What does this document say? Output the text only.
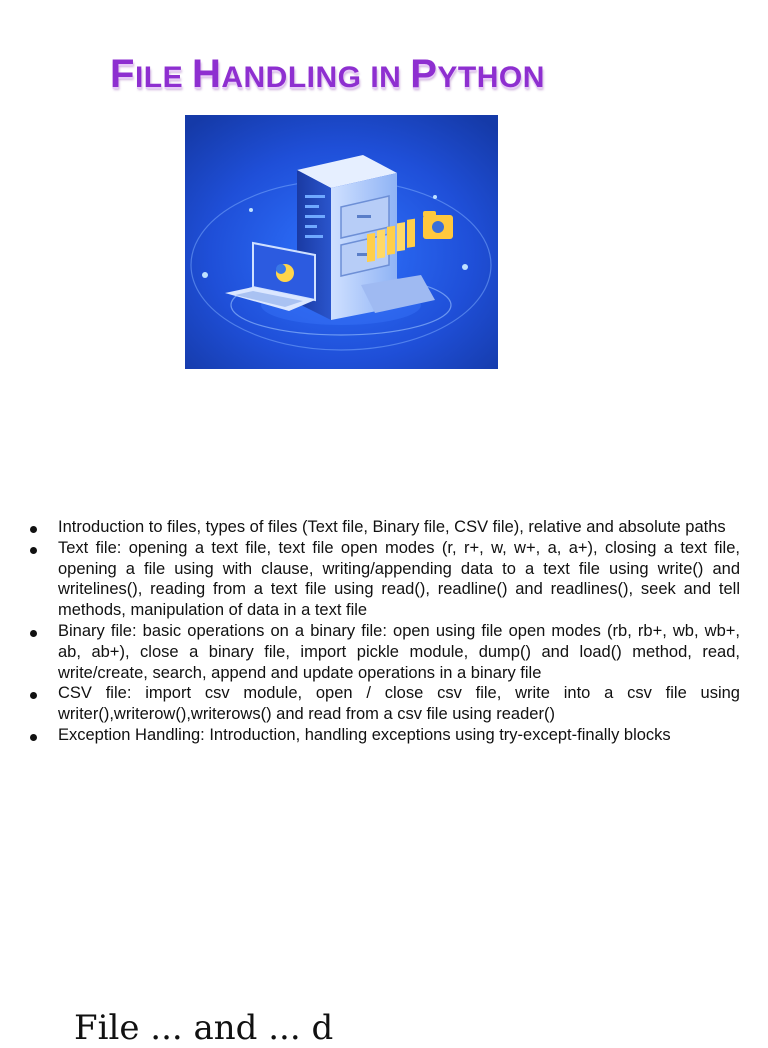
FILE HANDLING IN PYTHON
Introduction to files, types of files (Text file, Binary file, CSV file), relative and absolute paths
Text file: opening a text file, text file open modes (r, r+, w, w+, a, a+), closing a text file, opening a file using with clause, writing/appending data to a text file using write() and writelines(), reading from a text file using read(), readline() and readlines(), seek and tell methods, manipulation of data in a text file
Binary file: basic operations on a binary file: open using file open modes (rb, rb+, wb, wb+, ab, ab+), close a binary file, import pickle module, dump() and load() method, read, write/create, search, append and update operations in a binary file
CSV file: import csv module, open / close csv file, write into a csv file using writer(),writerow(),writerows() and read from a csv file using reader()
Exception Handling: Introduction, handling exceptions using try-except-finally blocks
File ... and ... d
